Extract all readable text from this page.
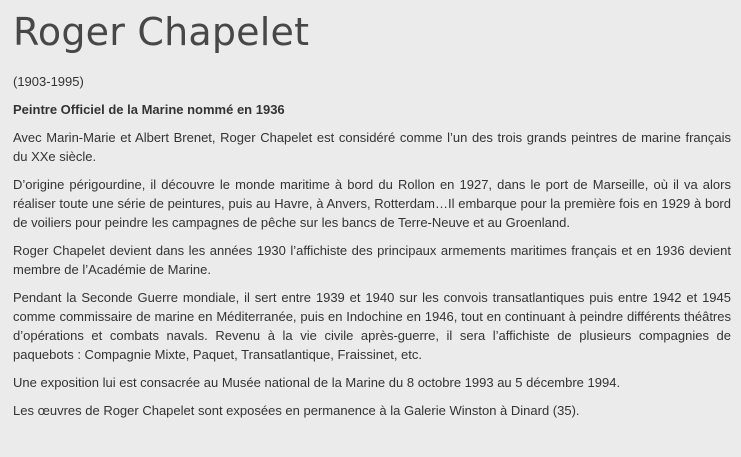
Roger Chapelet

(1903-1995)

Peintre Officiel de la Marine nommé en 1936

Avec Marin-Marie et Albert Brenet, Roger Chapelet est considéré comme l’un des trois grands peintres de marine français du XXe siècle.

D’origine périgourdine, il découvre le monde maritime à bord du Rollon en 1927, dans le port de Marseille, où il va alors réaliser toute une série de peintures, puis au Havre, à Anvers, Rotterdam…Il embarque pour la première fois en 1929 à bord de voiliers pour peindre les campagnes de pêche sur les bancs de Terre-Neuve et au Groenland.

Roger Chapelet devient dans les années 1930 l’affichiste des principaux armements maritimes français et en 1936 devient membre de l’Académie de Marine.

Pendant la Seconde Guerre mondiale, il sert entre 1939 et 1940 sur les convois transatlantiques puis entre 1942 et 1945 comme commissaire de marine en Méditerranée, puis en Indochine en 1946, tout en continuant à peindre différents théâtres d’opérations et combats navals. Revenu à la vie civile après-guerre, il sera l’affichiste de plusieurs compagnies de paquebots : Compagnie Mixte, Paquet, Transatlantique, Fraissinet, etc.

Une exposition lui est consacrée au Musée national de la Marine du 8 octobre 1993 au 5 décembre 1994.

Les œuvres de Roger Chapelet sont exposées en permanence à la Galerie Winston à Dinard (35).
